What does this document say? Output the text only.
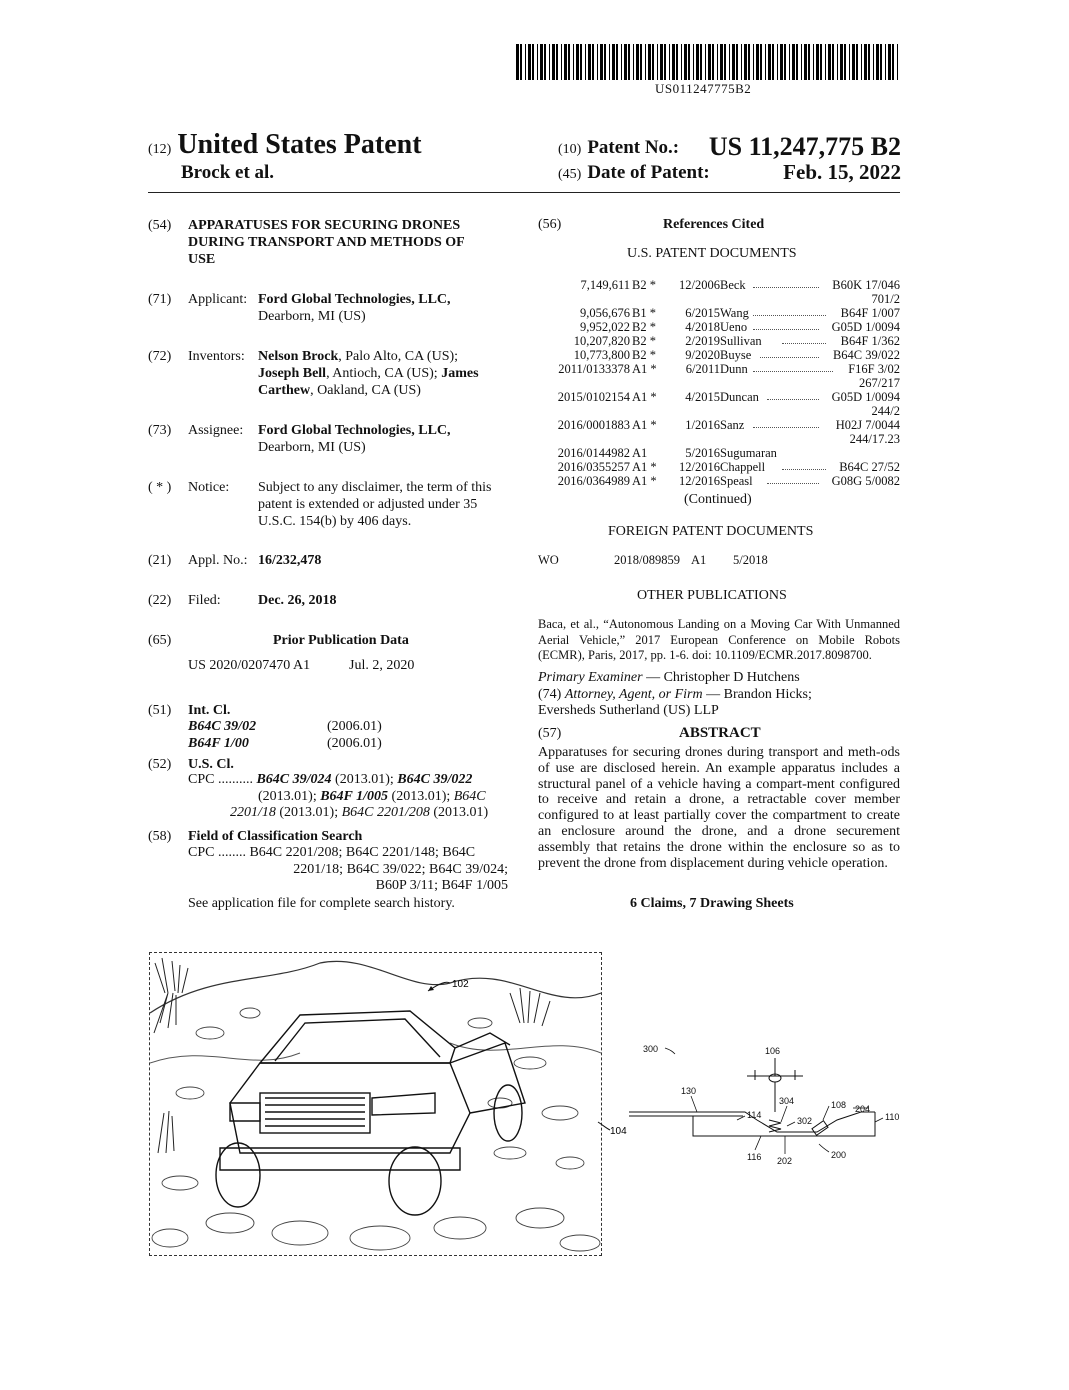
US011247775B2
(12) United States Patent
Brock et al.
(10) Patent No.: US 11,247,775 B2
(45) Date of Patent:	Feb. 15, 2022
(54) APPARATUSES FOR SECURING DRONES
DURING TRANSPORT AND METHODS OF
USE
(71) Applicant: Ford Global Technologies, LLC,
Dearborn, MI (US)
(72) Inventors: Nelson Brock, Palo Alto, CA (US);
Joseph Bell, Antioch, CA (US); James
Carthew, Oakland, CA (US)
(73) Assignee: Ford Global Technologies, LLC,
Dearborn, MI (US)
( * ) Notice: Subject to any disclaimer, the term of this
patent is extended or adjusted under 35
U.S.C. 154(b) by 406 days.
(21) Appl. No.: 16/232,478
(22) Filed:	Dec. 26, 2018
(65)	Prior Publication Data
US 2020/0207470 A1	Jul. 2, 2020
(51) Int. Cl.
B64C 39/02	(2006.01)
B64F 1/00	(2006.01)
(52) U.S. Cl.
CPC .......... B64C 39/024 (2013.01); B64C 39/022
(2013.01); B64F 1/005 (2013.01); B64C
2201/18 (2013.01); B64C 2201/208 (2013.01)
(58) Field of Classification Search
CPC ........ B64C 2201/208; B64C 2201/148; B64C
2201/18; B64C 39/022; B64C 39/024;
B60P 3/11; B64F 1/005
See application file for complete search history.
(56)	References Cited
U.S. PATENT DOCUMENTS
7,149,611 B2 * 12/2006 Beck	B60K 17/046
701/2
9,056,676 B1 * 6/2015 Wang	B64F 1/007
9,952,022 B2 * 4/2018 Ueno	G05D 1/0094
10,207,820 B2 * 2/2019 Sullivan	B64F 1/362
10,773,800 B2 * 9/2020 Buyse	B64C 39/022
2011/0133378 A1 * 6/2011 Dunn	F16F 3/02
267/217
2015/0102154 A1 * 4/2015 Duncan	G05D 1/0094
244/2
2016/0001883 A1 * 1/2016 Sanz	H02J 7/0044
244/17.23
2016/0144982 A1	5/2016 Sugumaran
2016/0355257 A1 * 12/2016 Chappell	B64C 27/52
2016/0364989 A1 * 12/2016 Speasl	G08G 5/0082
(Continued)
FOREIGN PATENT DOCUMENTS
WO	2018/089859 A1 5/2018
OTHER PUBLICATIONS
Baca, et al., “Autonomous Landing on a Moving Car With Unmanned Aerial Vehicle,” 2017 European Conference on Mobile Robots (ECMR), Paris, 2017, pp. 1-6. doi: 10.1109/ECMR.2017.8098700.
Primary Examiner — Christopher D Hutchens
(74) Attorney, Agent, or Firm — Brandon Hicks;
Eversheds Sutherland (US) LLP
(57)	ABSTRACT
Apparatuses for securing drones during transport and meth-ods of use are disclosed herein. An example apparatus includes a structural panel of a vehicle having a compart-ment configured to receive and retain a drone, a retractable cover member configured to at least partially cover the compartment to create an enclosure around the drone, and a drone securement assembly that retains the drone within the enclosure so as to prevent the drone from displacement during vehicle operation.
6 Claims, 7 Drawing Sheets
102
104
300	106
130
304	108 204
110
114
302
116 202
200
